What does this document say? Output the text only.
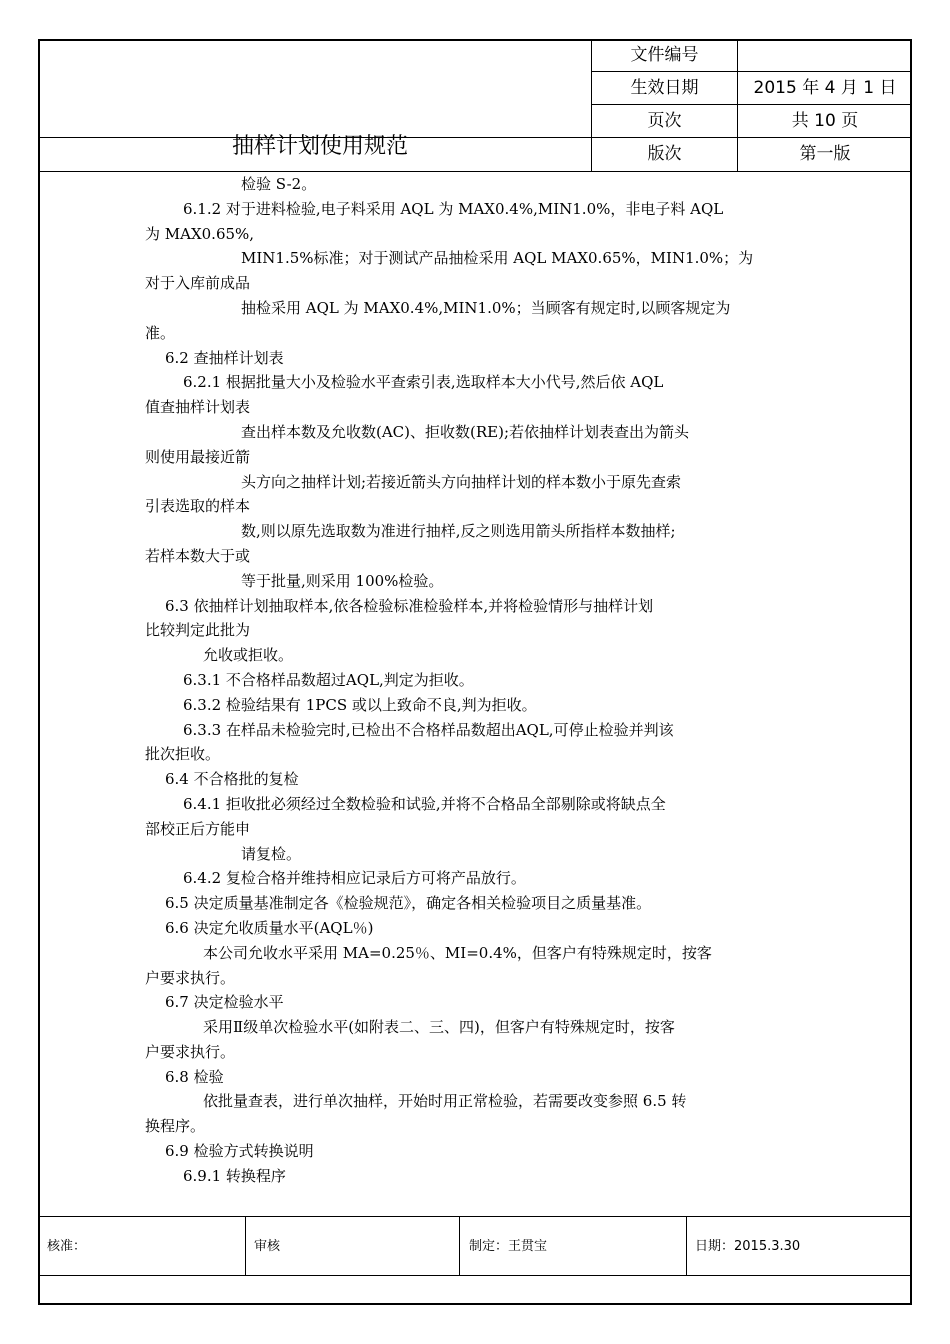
抽样计划使用规范
文件编号
生效日期	2015 年 4 月 1 日
页次	共 10 页
版次	第一版

检验 S-2。

6.1.2 对于进料检验,电子料采用 AQL 为 MAX0.4%,MIN1.0%，非电子料 AQL

为 MAX0.65%,

MIN1.5%标准；对于测试产品抽检采用 AQL MAX0.65%，MIN1.0%；为

对于入库前成品

抽检采用 AQL 为 MAX0.4%,MIN1.0%；当顾客有规定时,以顾客规定为

准。

6.2 查抽样计划表

6.2.1 根据批量大小及检验水平查索引表,选取样本大小代号,然后依 AQL

值查抽样计划表

查出样本数及允收数(AC)、拒收数(RE);若依抽样计划表查出为箭头

则使用最接近箭

头方向之抽样计划;若接近箭头方向抽样计划的样本数小于原先查索

引表选取的样本

数,则以原先选取数为准进行抽样,反之则选用箭头所指样本数抽样;

若样本数大于或

等于批量,则采用 100%检验。

6.3 依抽样计划抽取样本,依各检验标准检验样本,并将检验情形与抽样计划

比较判定此批为

允收或拒收。

6.3.1 不合格样品数超过AQL,判定为拒收。

6.3.2 检验结果有 1PCS 或以上致命不良,判为拒收。

6.3.3 在样品未检验完时,已检出不合格样品数超出AQL,可停止检验并判该

批次拒收。

6.4 不合格批的复检

6.4.1 拒收批必须经过全数检验和试验,并将不合格品全部剔除或将缺点全

部校正后方能申

请复检。

6.4.2 复检合格并维持相应记录后方可将产品放行。

6.5 决定质量基准制定各《检验规范》，确定各相关检验项目之质量基准。

6.6 决定允收质量水平(AQL％)

本公司允收水平采用 MA=0.25％、MI=0.4%，但客户有特殊规定时，按客

户要求执行。

6.7 决定检验水平

采用Ⅱ级单次检验水平(如附表二、三、四)，但客户有特殊规定时，按客

户要求执行。

6.8 检验

依批量查表，进行单次抽样，开始时用正常检验，若需要改变参照 6.5 转

换程序。

6.9 检验方式转换说明

6.9.1 转换程序

核准：	审核	制定：王贯宝	日期：2015.3.30
